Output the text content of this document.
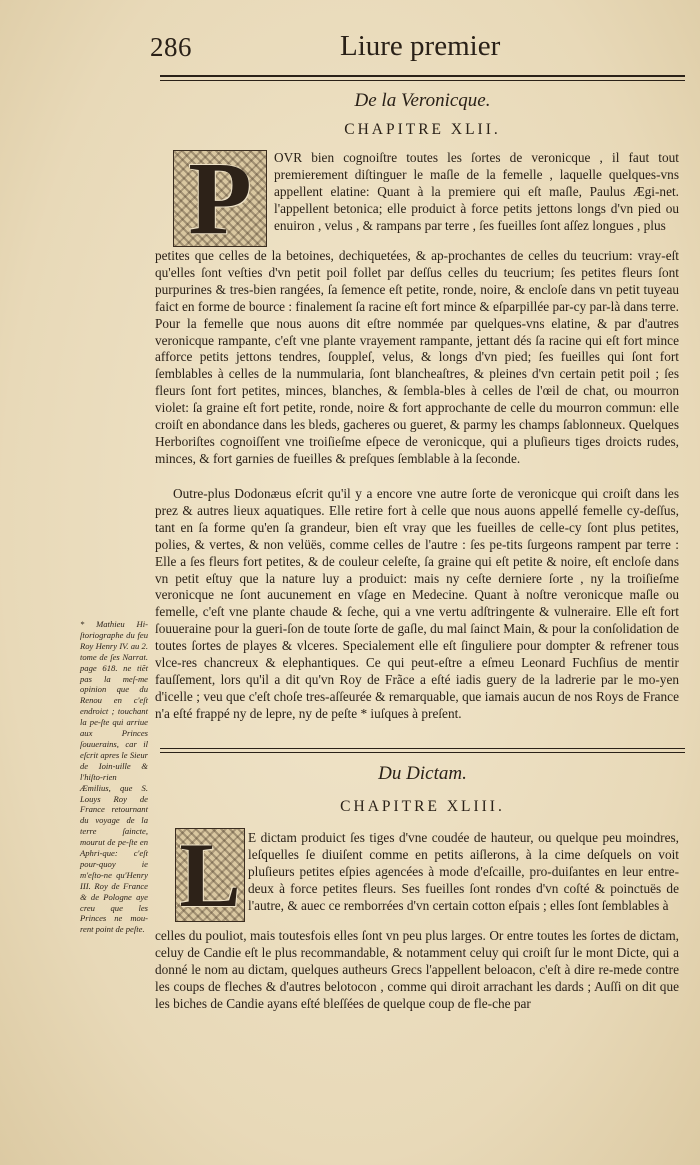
286	Liure premier
De la Veronicque.
CHAPITRE XLII.
P OVR bien cognoiſtre toutes les ſortes de veronicque , il faut tout premierement diſtinguer le maſle de la femelle , laquelle quelques-vns appellent elatine: Quant à la premiere qui eſt maſle, Paulus Ægi-net. l'appellent betonica; elle produict à force petits jettons longs d'vn pied ou enuiron , velus , & rampans par terre , ſes fueilles ſont aſſez longues , plus

petites que celles de la betoines, dechiquetées, & ap-prochantes de celles du teucrium: vray-eſt qu'elles ſont veſties d'vn petit poil follet par deſſus celles du teucrium; ſes petites fleurs ſont purpurines & tres-bien rangées, ſa ſemence eſt petite, ronde, noire, & encloſe dans vn petit tuyeau faict en forme de bource : finalement ſa racine eſt fort mince & eſparpillée par-cy par-là dans terre. Pour la femelle que nous auons dit eſtre nommée par quelques-vns elatine, & par d'autres veronicque rampante, c'eſt vne plante vrayement rampante, jettant dés ſa racine qui eſt fort mince afforce petits jettons tendres, ſouppleſ, velus, & longs d'vn pied; ſes fueilles qui ſont fort ſemblables à celles de la nummularia, ſont blancheaſtres, & pleines d'vn certain petit poil ; ſes fleurs ſont fort petites, minces, blanches, & ſembla-bles à celles de l'œil de chat, ou mourron violet: ſa graine eſt fort petite, ronde, noire & fort approchante de celle du mourron commun: elle croiſt en abondance dans les bleds, gacheres ou gueret, & parmy les champs ſablonneux. Quelques Herboriſtes cognoiſſent vne troiſieſme eſpece de veronicque, qui a pluſieurs tiges droicts rudes, minces, & fort garnies de fueilles & preſques ſemblable à la ſeconde.

Outre-plus Dodonæus eſcrit qu'il y a encore vne autre ſorte de veronicque qui croiſt dans les prez & autres lieux aquatiques. Elle retire fort à celle que nous auons appellé femelle cy-deſſus, tant en ſa forme qu'en ſa grandeur, bien eſt vray que les fueilles de celle-cy ſont plus petites, polies, & vertes, & non velüës, comme celles de l'autre : ſes pe-tits ſurgeons rampent par terre : Elle a ſes fleurs fort petites, & de couleur celeſte, ſa graine qui eſt petite & noire, eſt encloſe dans vn petit eſtuy que la nature luy a produict: mais ny ceſte derniere ſorte , ny la troiſieſme veronicque ne ſont aucunement en vſage en Medecine. Quant à noſtre veronicque maſle ou femelle, c'eſt vne plante chaude & ſeche, qui a vne vertu adſtringente & vulneraire. Elle eſt fort ſouueraine pour la gueri-ſon de toute ſorte de gaſle, du mal ſainct Main, & pour la conſolidation de toutes ſortes de playes & vlceres. Specialement elle eſt ſinguliere pour dompter & refrener tous vlce-res chancreux & elephantiques. Ce qui peut-eſtre a eſmeu Leonard Fuchſius de mentir fauſſement, lors qu'il a dit qu'vn Roy de Frãce a eſté iadis guery de la ladrerie par le mo-yen d'icelle ; veu que c'eſt choſe tres-aſſeurée & remarquable, que iamais aucun de nos Roys de France n'a eſté frappé ny de lepre, ny de peſte * iuſques à preſent.

* Mathieu Hi-ſtoriographe du feu Roy Henry IV. au 2. tome de ſes Narrat. page 618. ne tiẽt pas la meſ-me opinion que du Renou en c'eſt endroict ; touchant la pe-ſte qui arriue aux Princes ſouuerains, car il eſcrit apres le Sieur de Ioin-uille & l'hiſto-rien Æmilius, que S. Louys Roy de France retournant du voyage de la terre ſaincte, mourut de pe-ſte en Aphri-que: c'eſt pour-quoy ie m'eſto-ne qu'Henry III. Roy de France & de Pologne aye creu que les Princes ne mou-rent point de peſte.
Du Dictam.
CHAPITRE XLIII.
L E dictam produict ſes tiges d'vne coudée de hauteur, ou quelque peu moindres, leſquelles ſe diuiſent comme en petits aiſlerons, à la cime deſquels on voit pluſieurs petites eſpies agencées à mode d'eſcaille, pro-duiſantes en leur entre-deux à force petites fleurs. Ses fueilles ſont rondes d'vn coſté & poinctuës de l'autre, & auec ce remborrées d'vn certain cotton eſpais ; elles ſont ſemblables à

celles du pouliot, mais toutesfois elles ſont vn peu plus larges. Or entre toutes les ſortes de dictam, celuy de Candie eſt le plus recommandable, & notamment celuy qui croiſt ſur le mont Dicte, qui a donné le nom au dictam, quelques autheurs Grecs l'appellent beloacon, c'eſt à dire re-mede contre les coups de fleches & d'autres belotocon , comme qui diroit arrachant les dards ; Auſſi on dit que les biches de Candie ayans eſté bleſſées de quelque coup de fle-che par
